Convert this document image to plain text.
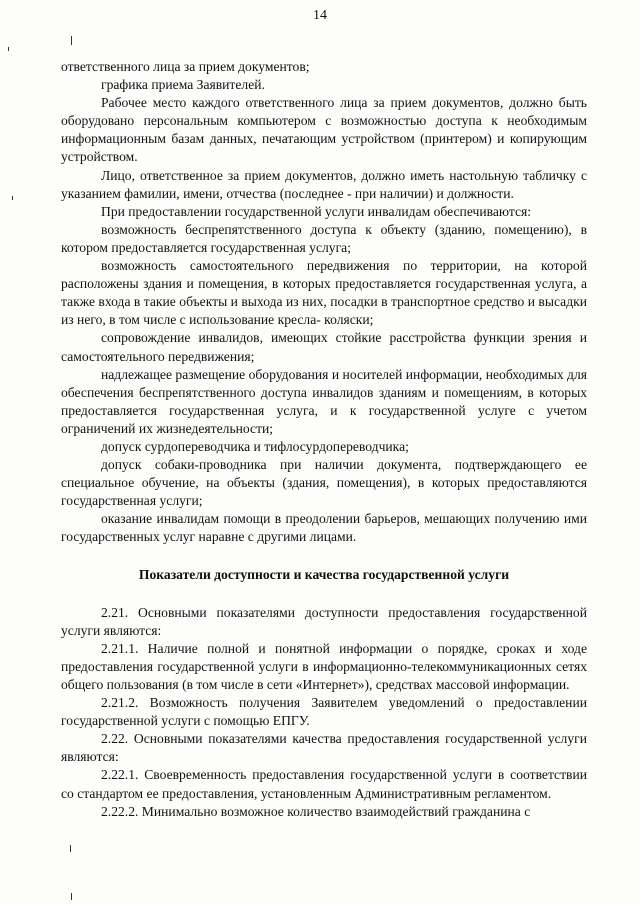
14

ответственного лица за прием документов;

графика приема Заявителей.

Рабочее место каждого ответственного лица за прием документов, должно быть оборудовано персональным компьютером с возможностью доступа к необходимым информационным базам данных, печатающим устройством (принтером) и копирующим устройством.

Лицо, ответственное за прием документов, должно иметь настольную табличку с указанием фамилии, имени, отчества (последнее - при наличии) и должности.

При предоставлении государственной услуги инвалидам обеспечиваются:

возможность беспрепятственного доступа к объекту (зданию, помещению), в котором предоставляется государственная услуга;

возможность самостоятельного передвижения по территории, на которой расположены здания и помещения, в которых предоставляется государственная услуга, а также входа в такие объекты и выхода из них, посадки в транспортное средство и высадки из него, в том числе с использование кресла- коляски;

сопровождение инвалидов, имеющих стойкие расстройства функции зрения и самостоятельного передвижения;

надлежащее размещение оборудования и носителей информации, необходимых для обеспечения беспрепятственного доступа инвалидов зданиям и помещениям, в которых предоставляется государственная услуга, и к государственной услуге с учетом ограничений их жизнедеятельности;

допуск сурдопереводчика и тифлосурдопереводчика;

допуск собаки-проводника при наличии документа, подтверждающего ее специальное обучение, на объекты (здания, помещения), в которых предоставляются государственная услуги;

оказание инвалидам помощи в преодолении барьеров, мешающих получению ими государственных услуг наравне с другими лицами.

Показатели доступности и качества государственной услуги

2.21. Основными показателями доступности предоставления государственной услуги являются:

2.21.1. Наличие полной и понятной информации о порядке, сроках и ходе предоставления государственной услуги в информационно-телекоммуникационных сетях общего пользования (в том числе в сети «Интернет»), средствах массовой информации.

2.21.2. Возможность получения Заявителем уведомлений о предоставлении государственной услуги с помощью ЕПГУ.

2.22. Основными показателями качества предоставления государственной услуги являются:

2.22.1. Своевременность предоставления государственной услуги в соответствии со стандартом ее предоставления, установленным Административным регламентом.

2.22.2. Минимально возможное количество взаимодействий гражданина с
